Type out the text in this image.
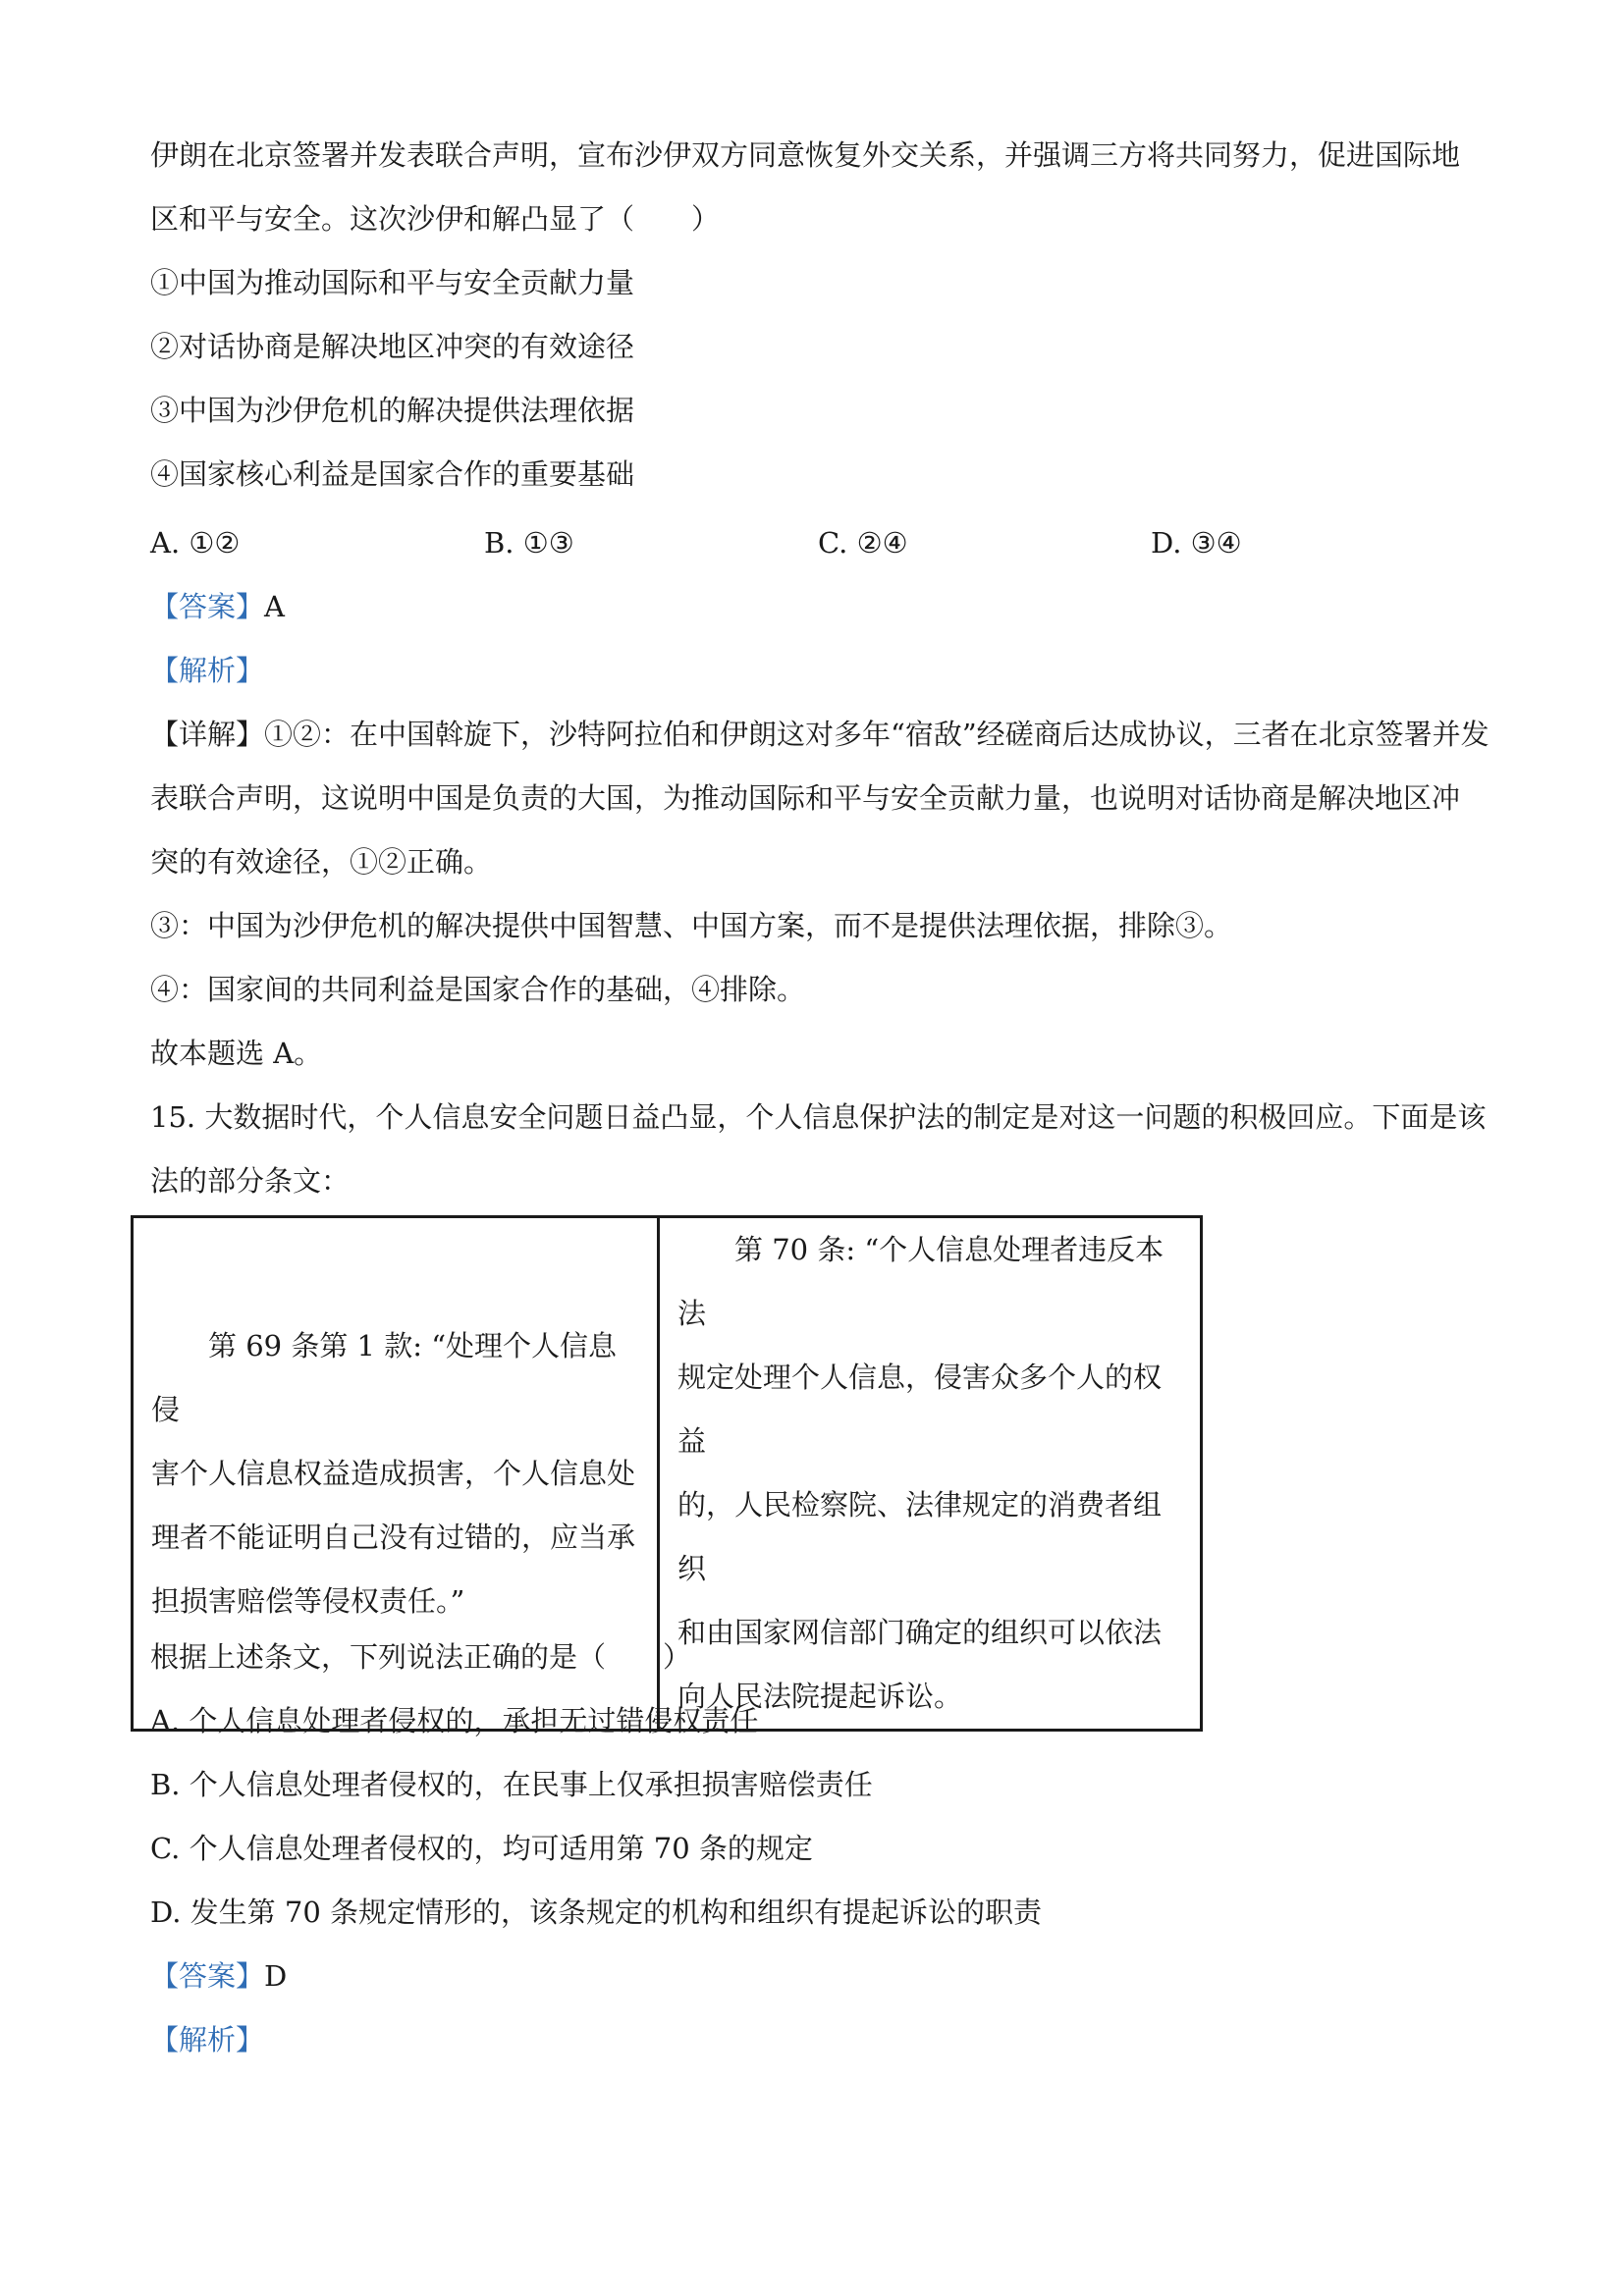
伊朗在北京签署并发表联合声明，宣布沙伊双方同意恢复外交关系，并强调三方将共同努力，促进国际地
区和平与安全。这次沙伊和解凸显了（　　）
①中国为推动国际和平与安全贡献力量
②对话协商是解决地区冲突的有效途径
③中国为沙伊危机的解决提供法理依据
④国家核心利益是国家合作的重要基础
A. ①②	B. ①③	C. ②④	D. ③④
【答案】A
【解析】
【详解】①②：在中国斡旋下，沙特阿拉伯和伊朗这对多年“宿敌”经磋商后达成协议，三者在北京签署并发
表联合声明，这说明中国是负责的大国，为推动国际和平与安全贡献力量，也说明对话协商是解决地区冲
突的有效途径，①②正确。
③：中国为沙伊危机的解决提供中国智慧、中国方案，而不是提供法理依据，排除③。
④：国家间的共同利益是国家合作的基础，④排除。
故本题选 A。
15. 大数据时代，个人信息安全问题日益凸显，个人信息保护法的制定是对这一问题的积极回应。下面是该
法的部分条文：

　　第 69 条第 1 款: “处理个人信息侵

害个人信息权益造成损害，个人信息处

理者不能证明自己没有过错的，应当承

担损害赔偿等侵权责任。”

　　第 70 条: “个人信息处理者违反本法

规定处理个人信息，侵害众多个人的权益

的，人民检察院、法律规定的消费者组织

和由国家网信部门确定的组织可以依法

向人民法院提起诉讼。

根据上述条文，下列说法正确的是（　　）
A. 个人信息处理者侵权的，承担无过错侵权责任
B. 个人信息处理者侵权的，在民事上仅承担损害赔偿责任
C. 个人信息处理者侵权的，均可适用第 70 条的规定
D. 发生第 70 条规定情形的，该条规定的机构和组织有提起诉讼的职责
【答案】D
【解析】
